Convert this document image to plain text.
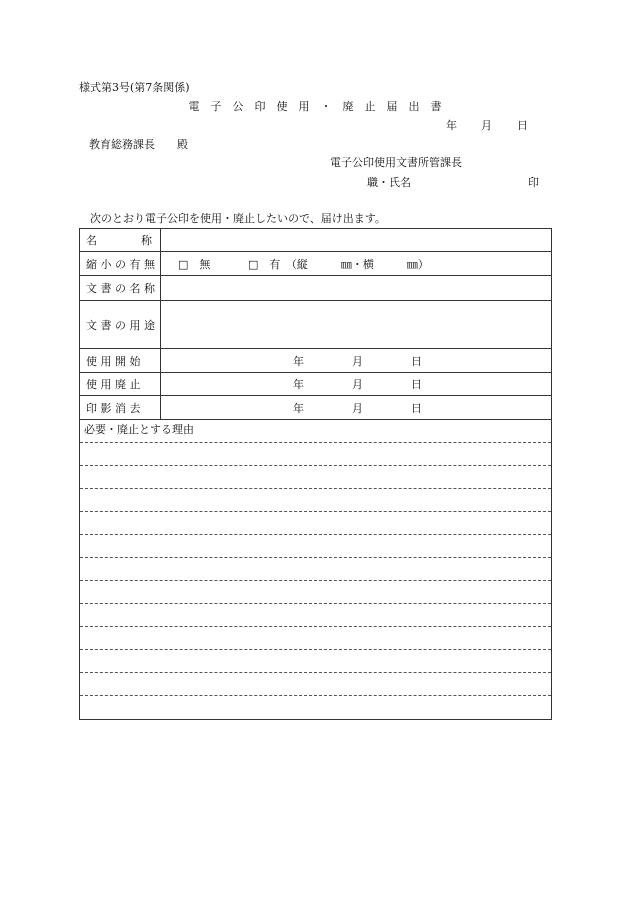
様式第3号(第7条関係)
電　子　公　印　使　用　・　廃　止　届　出　書
年 月 日
教育総務課長　　殿
電子公印使用文書所管課長
職・氏名	印
次のとおり電子公印を使用・廃止したいので、届け出ます。
名　　　　称
縮 小 の 有 無 □　無	□　有　（縦　　　㎜・横　　　㎜）
文 書 の 名 称
文 書 の 用 途
使 用 開 始	年	月	日
使 用 廃 止	年	月	日
印 影 消 去	年	月	日
必要・廃止とする理由
